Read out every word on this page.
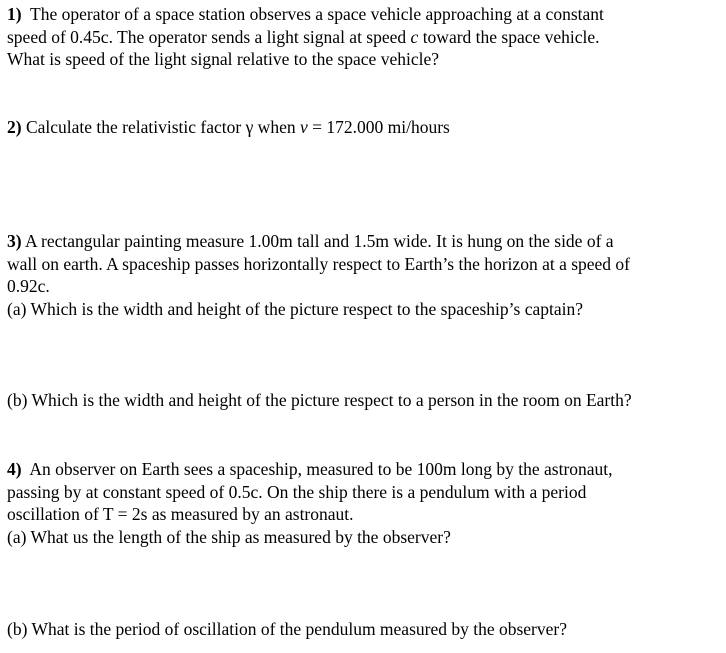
1) The operator of a space station observes a space vehicle approaching at a constant
speed of 0.45c. The operator sends a light signal at speed c toward the space vehicle.
What is speed of the light signal relative to the space vehicle?
2) Calculate the relativistic factor γ when v = 172.000 mi/hours
3) A rectangular painting measure 1.00m tall and 1.5m wide. It is hung on the side of a
wall on earth. A spaceship passes horizontally respect to Earth’s the horizon at a speed of
0.92c.
(a) Which is the width and height of the picture respect to the spaceship’s captain?
(b) Which is the width and height of the picture respect to a person in the room on Earth?
4) An observer on Earth sees a spaceship, measured to be 100m long by the astronaut,
passing by at constant speed of 0.5c. On the ship there is a pendulum with a period
oscillation of T = 2s as measured by an astronaut.
(a) What us the length of the ship as measured by the observer?
(b) What is the period of oscillation of the pendulum measured by the observer?
